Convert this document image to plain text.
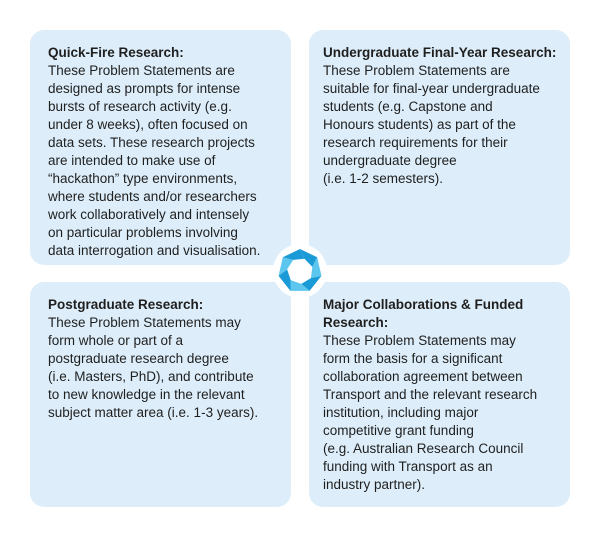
Quick-Fire Research:

These Problem Statements are
designed as prompts for intense
bursts of research activity (e.g.
under 8 weeks), often focused on
data sets. These research projects
are intended to make use of
“hackathon” type environments,
where students and/or researchers
work collaboratively and intensely
on particular problems involving
data interrogation and visualisation.

Undergraduate Final-Year Research:

These Problem Statements are
suitable for final-year undergraduate
students (e.g. Capstone and
Honours students) as part of the
research requirements for their
undergraduate degree
(i.e. 1-2 semesters).

Postgraduate Research:

These Problem Statements may
form whole or part of a
postgraduate research degree
(i.e. Masters, PhD), and contribute
to new knowledge in the relevant
subject matter area (i.e. 1-3 years).

Major Collaborations & Funded
Research:

These Problem Statements may
form the basis for a significant
collaboration agreement between
Transport and the relevant research
institution, including major
competitive grant funding
(e.g. Australian Research Council
funding with Transport as an
industry partner).
